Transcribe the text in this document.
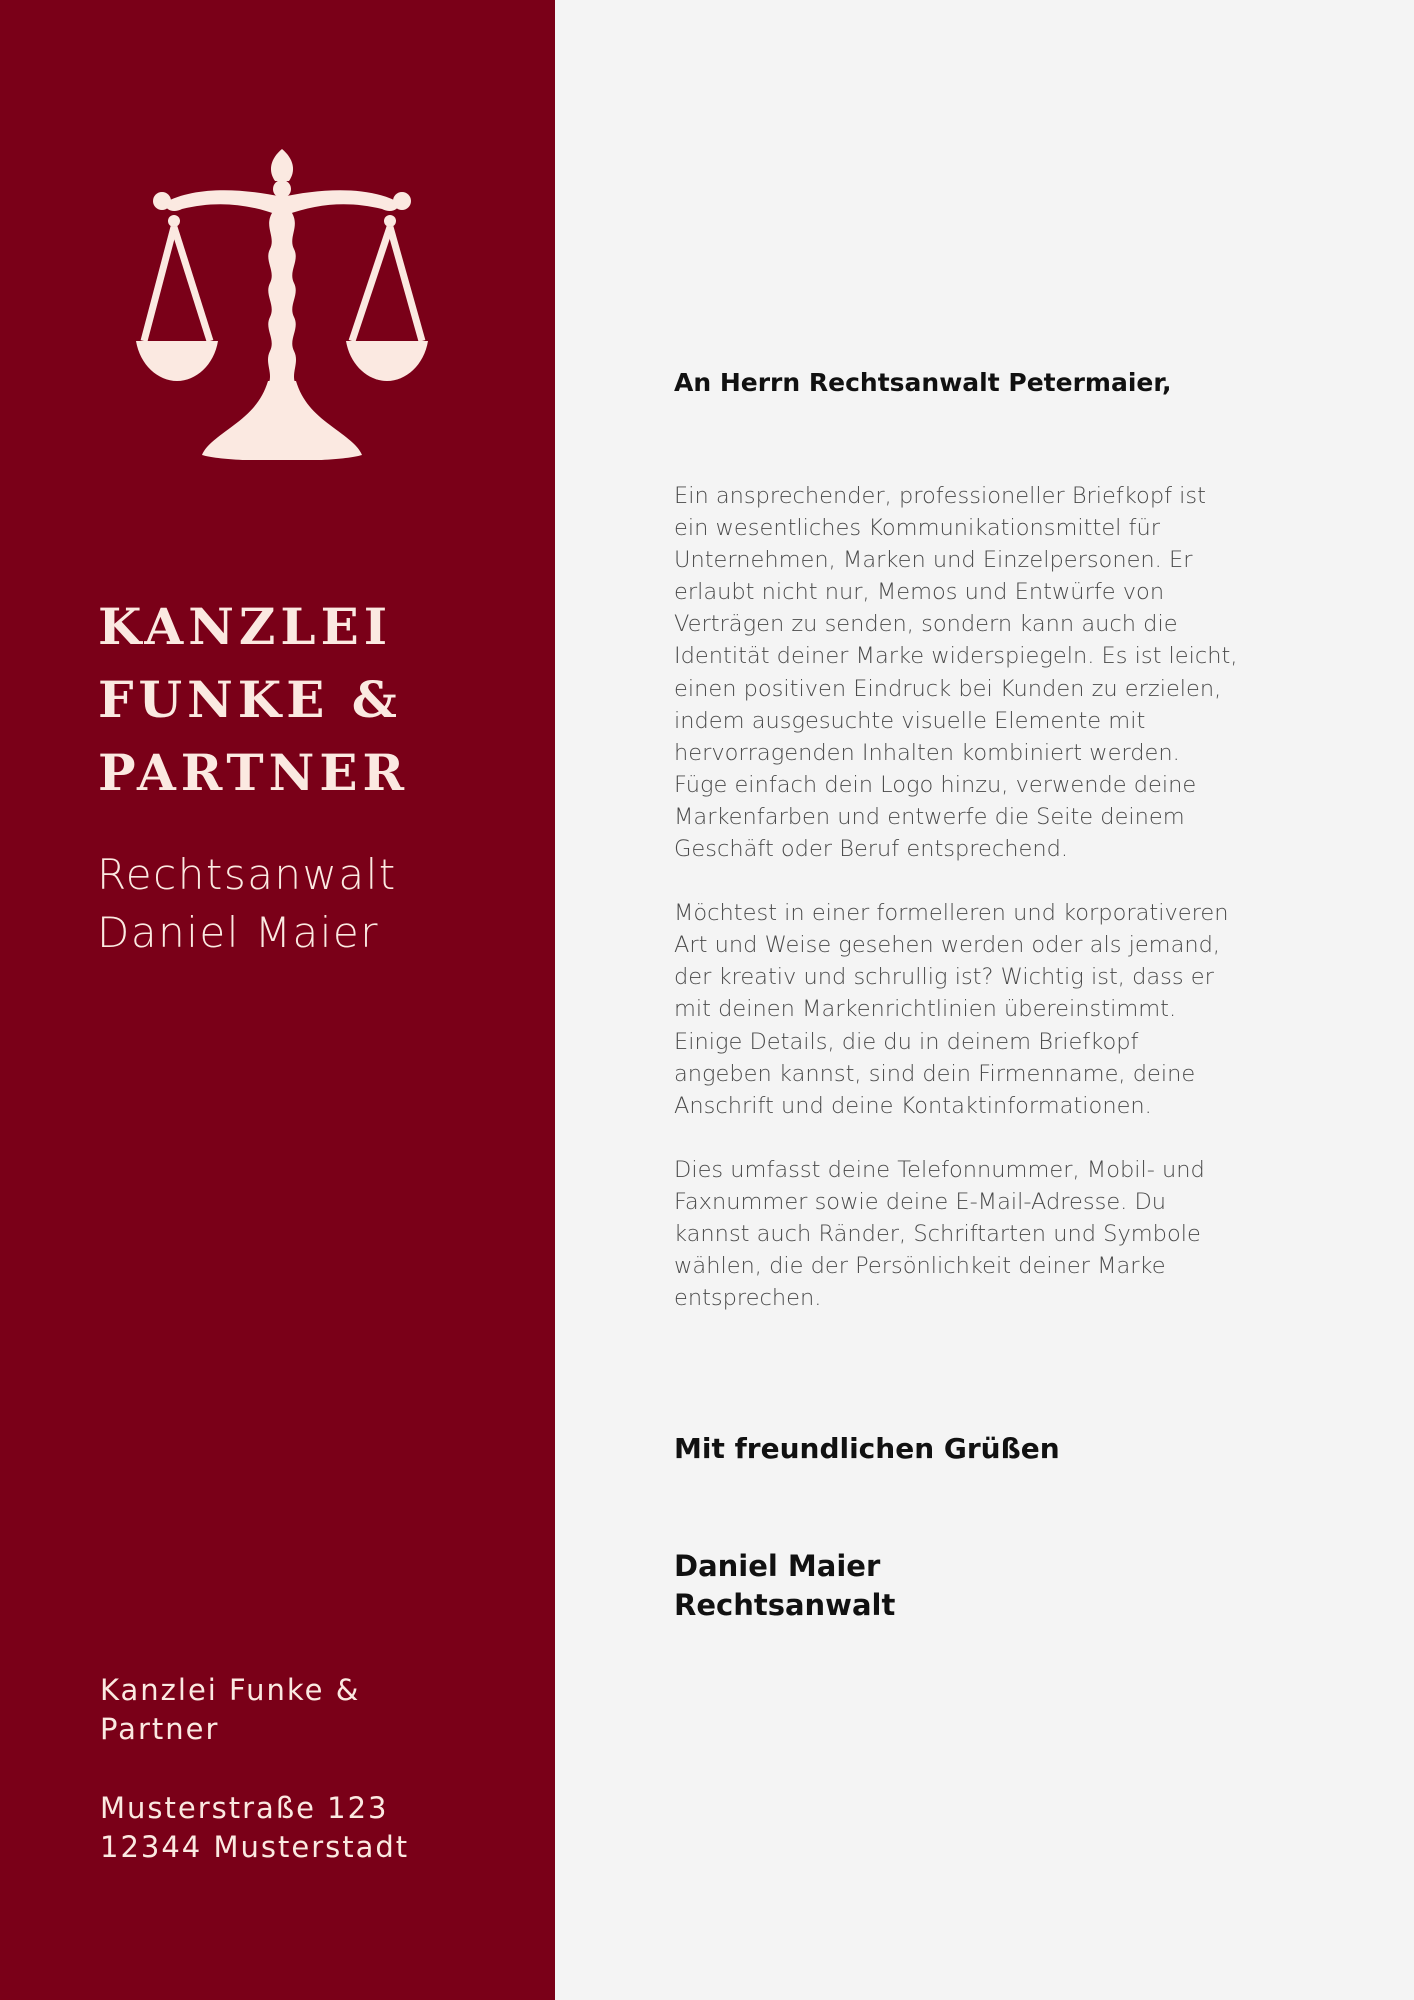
KANZLEI
FUNKE &
PARTNER
Rechtsanwalt
Daniel Maier
Kanzlei Funke &
Partner
Musterstraße 123
12344 Musterstadt
An Herrn Rechtsanwalt Petermaier,

Ein ansprechender, professioneller Briefkopf ist
ein wesentliches Kommunikationsmittel für
Unternehmen, Marken und Einzelpersonen. Er
erlaubt nicht nur, Memos und Entwürfe von
Verträgen zu senden, sondern kann auch die
Identität deiner Marke widerspiegeln. Es ist leicht,
einen positiven Eindruck bei Kunden zu erzielen,
indem ausgesuchte visuelle Elemente mit
hervorragenden Inhalten kombiniert werden.
Füge einfach dein Logo hinzu, verwende deine
Markenfarben und entwerfe die Seite deinem
Geschäft oder Beruf entsprechend.

Möchtest in einer formelleren und korporativeren
Art und Weise gesehen werden oder als jemand,
der kreativ und schrullig ist? Wichtig ist, dass er
mit deinen Markenrichtlinien übereinstimmt.
Einige Details, die du in deinem Briefkopf
angeben kannst, sind dein Firmenname, deine
Anschrift und deine Kontaktinformationen.

Dies umfasst deine Telefonnummer, Mobil- und
Faxnummer sowie deine E-Mail-Adresse. Du
kannst auch Ränder, Schriftarten und Symbole
wählen, die der Persönlichkeit deiner Marke
entsprechen.

Mit freundlichen Grüßen
Daniel Maier
Rechtsanwalt
